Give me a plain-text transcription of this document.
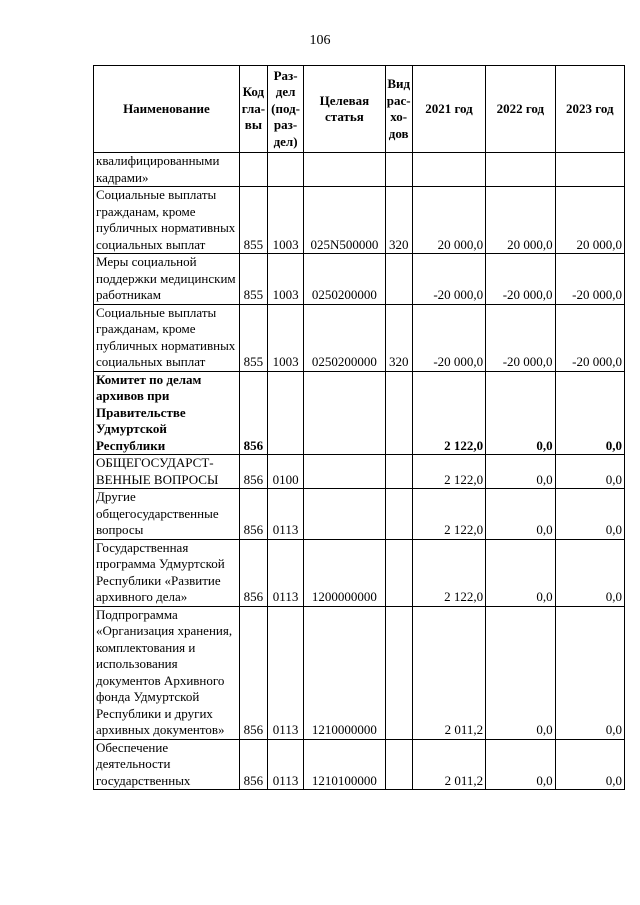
106
Наименование	Код гла- вы	Раз- дел (под- раз- дел)	Целевая статья	Вид рас- хо- дов	2021 год	2022 год	2023 год
квалифицированными кадрами»							
Социальные выплаты гражданам, кроме публичных нормативных социальных выплат	855	1003	025N500000	320	20 000,0	20 000,0	20 000,0
Меры социальной поддержки медицинским работникам	855	1003	0250200000		-20 000,0	-20 000,0	-20 000,0
Социальные выплаты гражданам, кроме публичных нормативных социальных выплат	855	1003	0250200000	320	-20 000,0	-20 000,0	-20 000,0
Комитет по делам архивов при Правительстве Удмуртской Республики	856				2 122,0	0,0	0,0
ОБЩЕГОСУДАРСТ- ВЕННЫЕ ВОПРОСЫ	856	0100			2 122,0	0,0	0,0
Другие общегосударственные вопросы	856	0113			2 122,0	0,0	0,0
Государственная программа Удмуртской Республики «Развитие архивного дела»	856	0113	1200000000		2 122,0	0,0	0,0
Подпрограмма «Организация хранения, комплектования и использования документов Архивного фонда Удмуртской Республики и других архивных документов»	856	0113	1210000000		2 011,2	0,0	0,0
Обеспечение деятельности государственных	856	0113	1210100000		2 011,2	0,0	0,0
